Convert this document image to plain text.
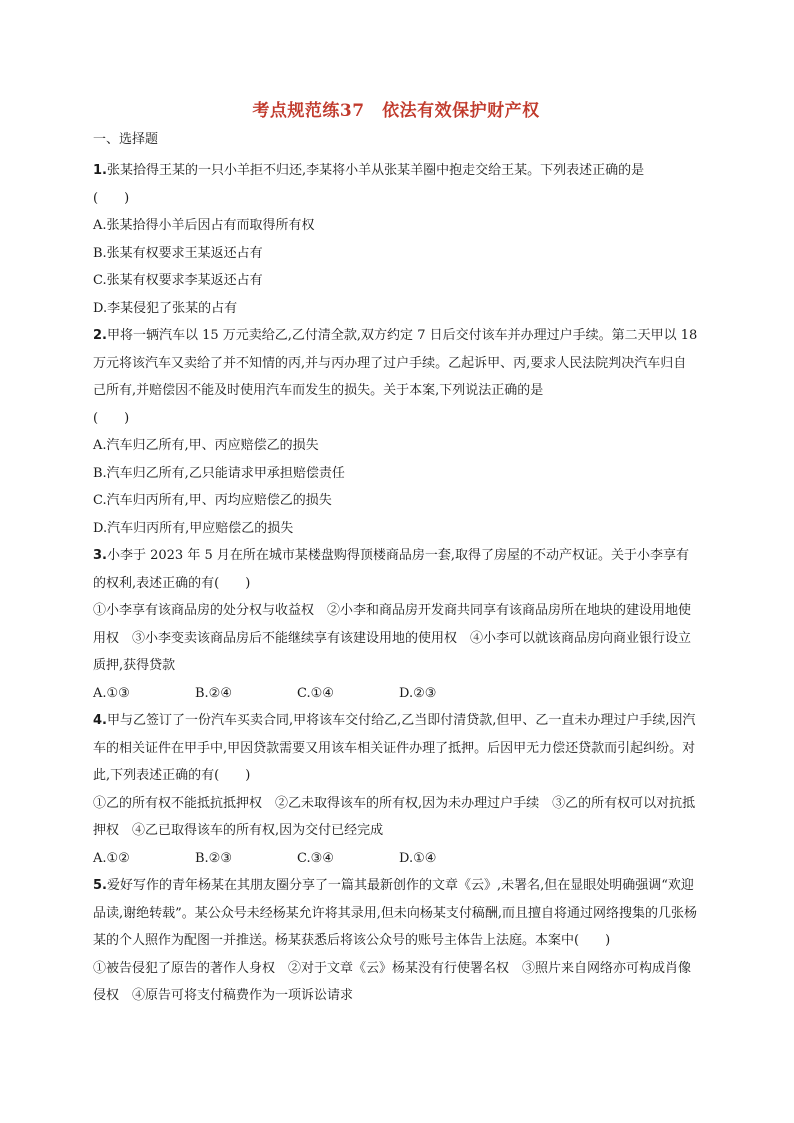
考点规范练37　依法有效保护财产权
一、选择题

1.张某拾得王某的一只小羊拒不归还,李某将小羊从张某羊圈中抱走交给王某。下列表述正确的是

(　　)
A.张某拾得小羊后因占有而取得所有权
B.张某有权要求王某返还占有
C.张某有权要求李某返还占有
D.李某侵犯了张某的占有

2.甲将一辆汽车以 15 万元卖给乙,乙付清全款,双方约定 7 日后交付该车并办理过户手续。第二天甲以 18 万元将该汽车又卖给了并不知情的丙,并与丙办理了过户手续。乙起诉甲、丙,要求人民法院判决汽车归自己所有,并赔偿因不能及时使用汽车而发生的损失。关于本案,下列说法正确的是

(　　)
A.汽车归乙所有,甲、丙应赔偿乙的损失
B.汽车归乙所有,乙只能请求甲承担赔偿责任
C.汽车归丙所有,甲、丙均应赔偿乙的损失
D.汽车归丙所有,甲应赔偿乙的损失

3.小李于 2023 年 5 月在所在城市某楼盘购得顶楼商品房一套,取得了房屋的不动产权证。关于小李享有的权利,表述正确的有(　　)

①小李享有该商品房的处分权与收益权　②小李和商品房开发商共同享有该商品房所在地块的建设用地使用权　③小李变卖该商品房后不能继续享有该建设用地的使用权　④小李可以就该商品房向商业银行设立质押,获得贷款

A.①③	B.②④	C.①④	D.②③

4.甲与乙签订了一份汽车买卖合同,甲将该车交付给乙,乙当即付清贷款,但甲、乙一直未办理过户手续,因汽车的相关证件在甲手中,甲因贷款需要又用该车相关证件办理了抵押。后因甲无力偿还贷款而引起纠纷。对此,下列表述正确的有(　　)

①乙的所有权不能抵抗抵押权　②乙未取得该车的所有权,因为未办理过户手续　③乙的所有权可以对抗抵押权　④乙已取得该车的所有权,因为交付已经完成

A.①②	B.②③	C.③④	D.①④

5.爱好写作的青年杨某在其朋友圈分享了一篇其最新创作的文章《云》,未署名,但在显眼处明确强调“欢迎品读,谢绝转载”。某公众号未经杨某允许将其录用,但未向杨某支付稿酬,而且擅自将通过网络搜集的几张杨某的个人照作为配图一并推送。杨某获悉后将该公众号的账号主体告上法庭。本案中(　　)

①被告侵犯了原告的著作人身权　②对于文章《云》杨某没有行使署名权　③照片来自网络亦可构成肖像侵权　④原告可将支付稿费作为一项诉讼请求
